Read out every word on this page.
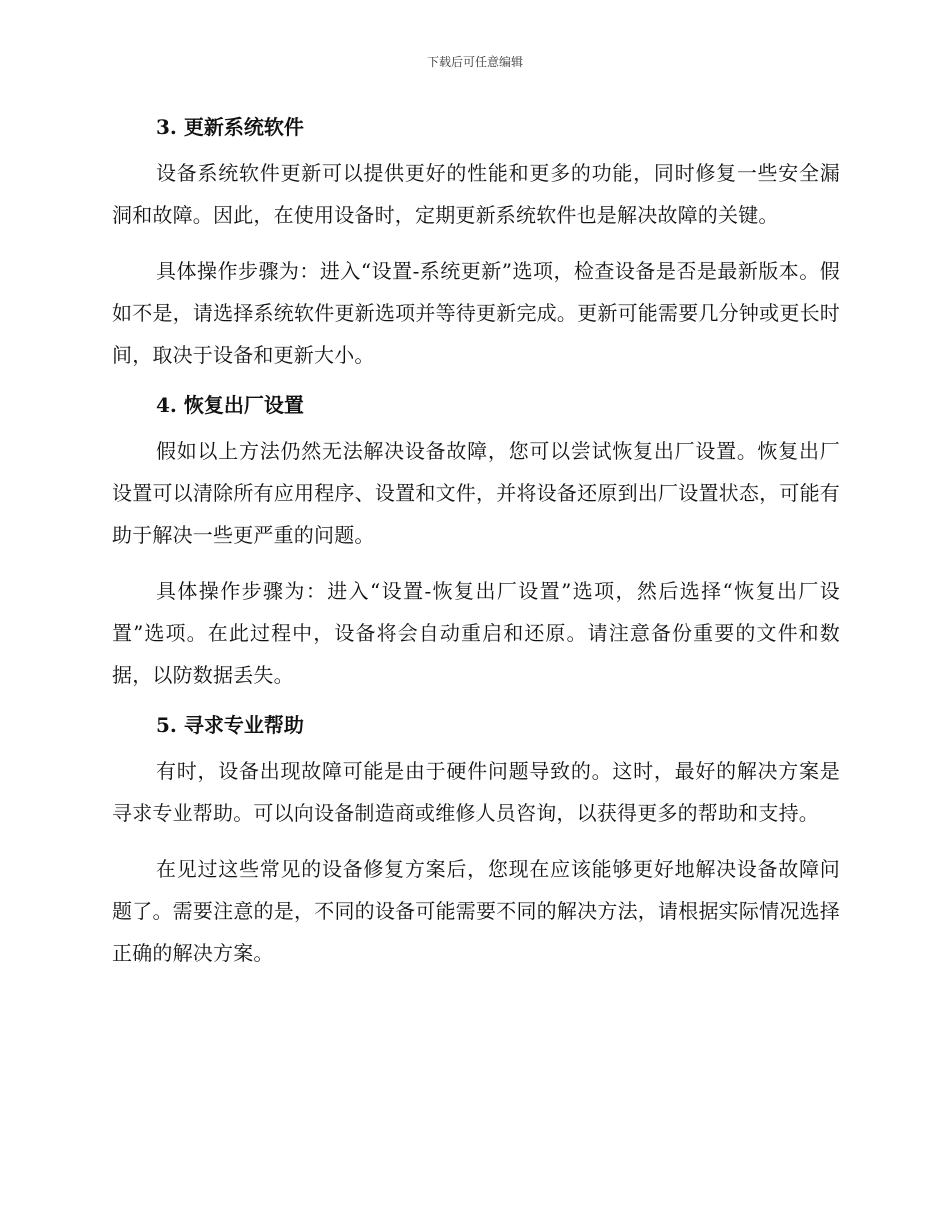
下载后可任意编辑
3. 更新系统软件

设备系统软件更新可以提供更好的性能和更多的功能，同时修复一些安全漏洞和故障。因此，在使用设备时，定期更新系统软件也是解决故障的关键。

具体操作步骤为：进入“设置-系统更新”选项，检查设备是否是最新版本。假如不是，请选择系统软件更新选项并等待更新完成。更新可能需要几分钟或更长时间，取决于设备和更新大小。

4. 恢复出厂设置

假如以上方法仍然无法解决设备故障，您可以尝试恢复出厂设置。恢复出厂设置可以清除所有应用程序、设置和文件，并将设备还原到出厂设置状态，可能有助于解决一些更严重的问题。

具体操作步骤为：进入“设置-恢复出厂设置”选项，然后选择“恢复出厂设置”选项。在此过程中，设备将会自动重启和还原。请注意备份重要的文件和数据，以防数据丢失。

5. 寻求专业帮助

有时，设备出现故障可能是由于硬件问题导致的。这时，最好的解决方案是寻求专业帮助。可以向设备制造商或维修人员咨询，以获得更多的帮助和支持。

在见过这些常见的设备修复方案后，您现在应该能够更好地解决设备故障问题了。需要注意的是，不同的设备可能需要不同的解决方法，请根据实际情况选择正确的解决方案。
